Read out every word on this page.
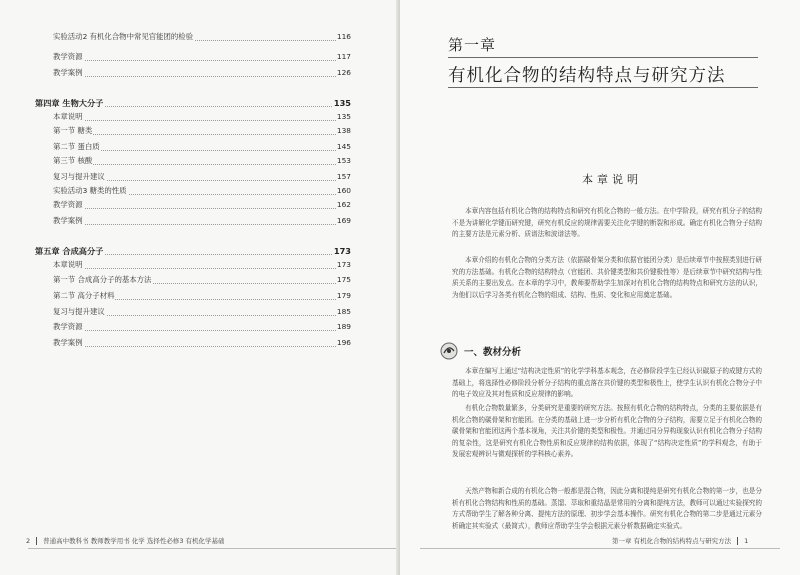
实验活动2 有机化合物中常见官能团的检验	116
教学资源	117
教学案例	126
第四章 生物大分子	135
本章说明	135
第一节 糖类	138
第二节 蛋白质	145
第三节 核酸	153
复习与提升建议	157
实验活动3 糖类的性质	160
教学资源	162
教学案例	169
第五章 合成高分子	173
本章说明	173
第一节 合成高分子的基本方法	175
第二节 高分子材料	179
复习与提升建议	185
教学资源	189
教学案例	196
2 普通高中教科书 教师教学用书 化学 选择性必修3 有机化学基础
第一章
有机化合物的结构特点与研究方法
本章说明
本章内容包括有机化合物的结构特点和研究有机化合物的一般方法。在中学阶段，研究有机分子的结构不是为讲解化学键而研究键，研究有机反应的规律需要关注化学键的断裂和形成。确定有机化合物分子结构的主要方法是元素分析、质谱法和波谱法等。
本章介绍的有机化合物的分类方法（依据碳骨架分类和依据官能团分类）是后续章节中按照类别进行研究的方法基础。有机化合物的结构特点（官能团、共价键类型和共价键极性等）是后续章节中研究结构与性质关系的主要出发点。在本章的学习中，教师要帮助学生加深对有机化合物的结构特点和研究方法的认识，为他们以后学习各类有机化合物的组成、结构、性质、变化和应用奠定基础。
一、教材分析
本章在编写上通过“结构决定性质”的化学学科基本观念，在必修阶段学生已经认识碳原子的成键方式的基础上，将选择性必修阶段分析分子结构的重点落在共价键的类型和极性上，使学生认识有机化合物分子中的电子效应及其对性质和反应规律的影响。
有机化合物数量繁多，分类研究是重要的研究方法。按照有机化合物的结构特点，分类的主要依据是有机化合物的碳骨架和官能团。在分类的基础上进一步分析有机化合物的分子结构，需要立足于有机化合物的碳骨架和官能团这两个基本视角，关注共价键的类型和极性。并通过同分异构现象认识有机化合物分子结构的复杂性，这是研究有机化合物性质和反应规律的结构依据，体现了“结构决定性质”的学科观念，有助于发展宏观辨识与微观探析的学科核心素养。
天然产物和新合成的有机化合物一般都是混合物，因此分离和提纯是研究有机化合物的第一步，也是分析有机化合物结构和性质的基础。蒸馏、萃取和重结晶是常用的分离和提纯方法，教师可以通过实验探究的方式帮助学生了解各种分离、提纯方法的原理、初步学会基本操作。研究有机化合物的第二步是通过元素分析确定其实验式（最简式），教师应帮助学生学会根据元素分析数据确定实验式。
第一章 有机化合物的结构特点与研究方法 1
